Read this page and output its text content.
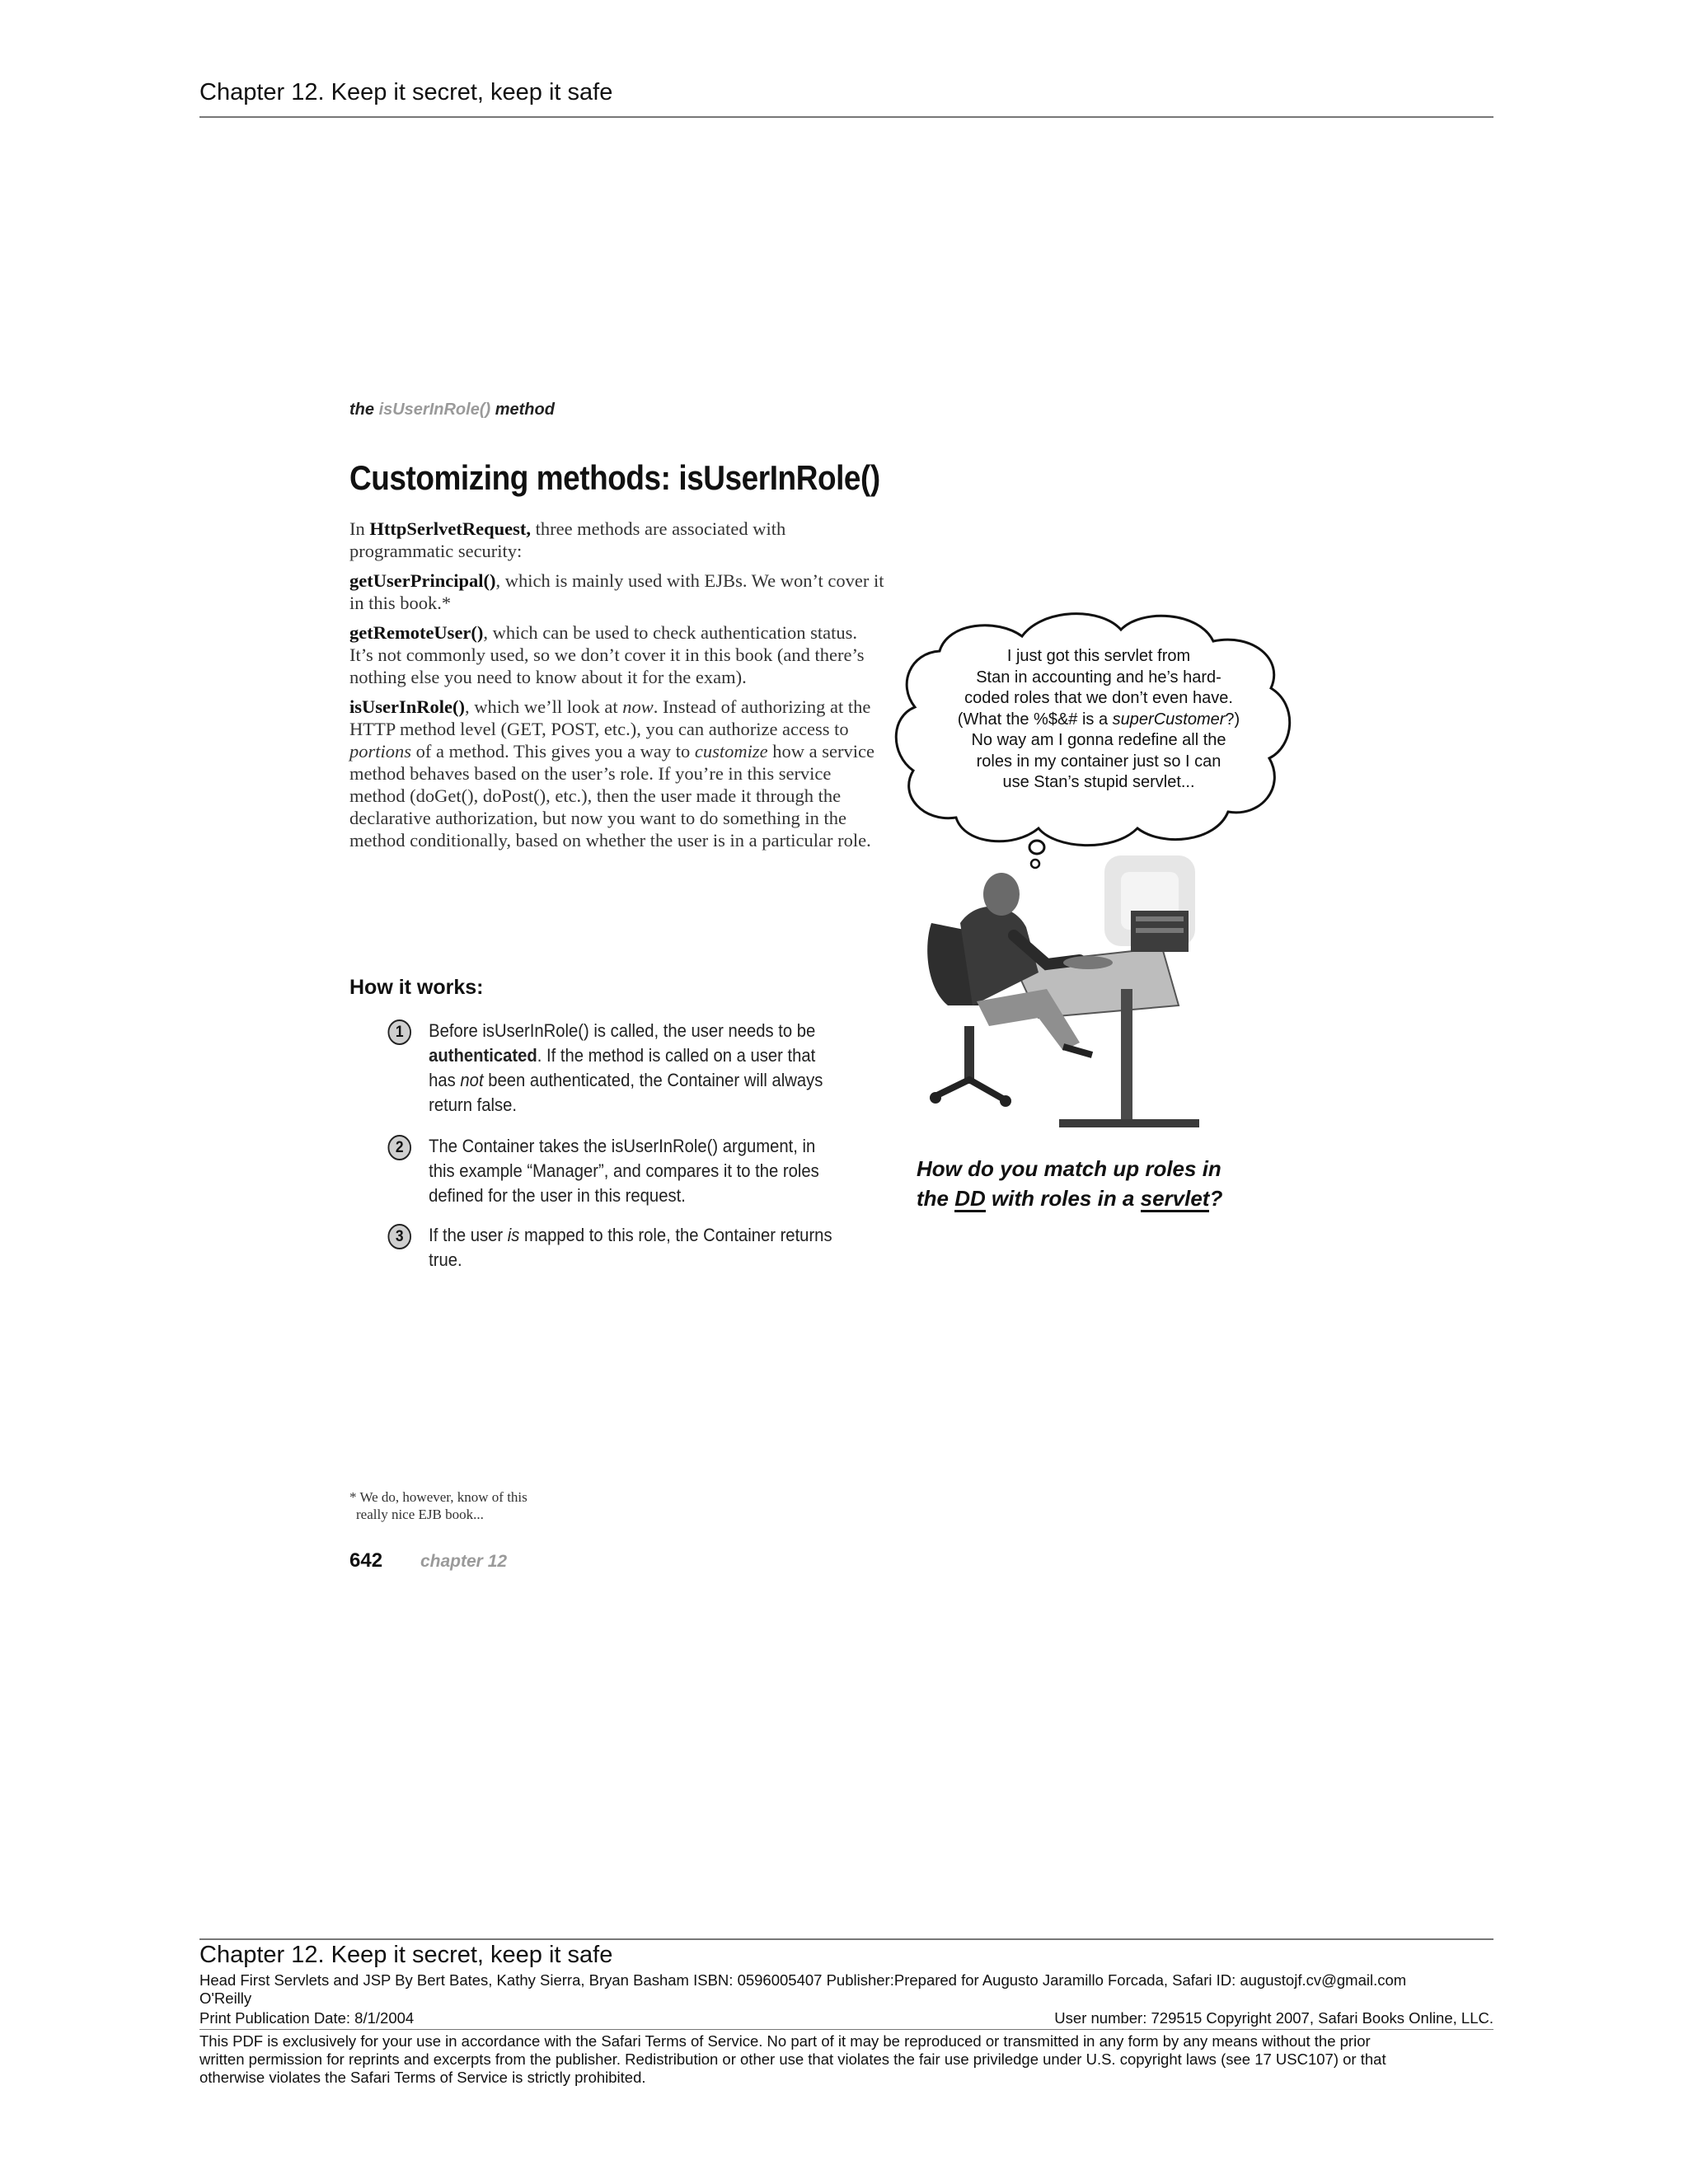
Chapter 12. Keep it secret, keep it safe
the isUserInRole() method
Customizing methods: isUserInRole()

In HttpSerlvetRequest, three methods are associated with programmatic security:

getUserPrincipal(), which is mainly used with EJBs. We won’t cover it in this book.*

getRemoteUser(), which can be used to check authentication status. It’s not commonly used, so we don’t cover it in this book (and there’s nothing else you need to know about it for the exam).

isUserInRole(), which we’ll look at now. Instead of authorizing at the HTTP method level (GET, POST, etc.), you can authorize access to portions of a method. This gives you a way to customize how a service method behaves based on the user’s role. If you’re in this service method (doGet(), doPost(), etc.), then the user made it through the declarative authorization, but now you want to do something in the method conditionally, based on whether the user is in a particular role.

How it works:
1	Before isUserInRole() is called, the user needs to be authenticated. If the method is called on a user that has not been authenticated, the Container will always return false.
2	The Container takes the isUserInRole() argument, in this example “Manager”, and compares it to the roles defined for the user in this request.
3	If the user is mapped to this role, the Container returns true.
I just got this servlet from
Stan in accounting and he’s hard-
coded roles that we don’t even have.
(What the %$&# is a superCustomer?)
No way am I gonna redefine all the
roles in my container just so I can
use Stan’s stupid servlet...
How do you match up roles in
the DD with roles in a servlet?
* We do, however, know of this
really nice EJB book...
642 chapter 12
Chapter 12. Keep it secret, keep it safe
Head First Servlets and JSP By Bert Bates, Kathy Sierra, Bryan Basham ISBN: 0596005407 Publisher:Prepared for Augusto Jaramillo Forcada, Safari ID: augustojf.cv@gmail.com
O'Reilly
Print Publication Date: 8/1/2004	User number: 729515 Copyright 2007, Safari Books Online, LLC.
This PDF is exclusively for your use in accordance with the Safari Terms of Service. No part of it may be reproduced or transmitted in any form by any means without the prior
written permission for reprints and excerpts from the publisher. Redistribution or other use that violates the fair use priviledge under U.S. copyright laws (see 17 USC107) or that
otherwise violates the Safari Terms of Service is strictly prohibited.
